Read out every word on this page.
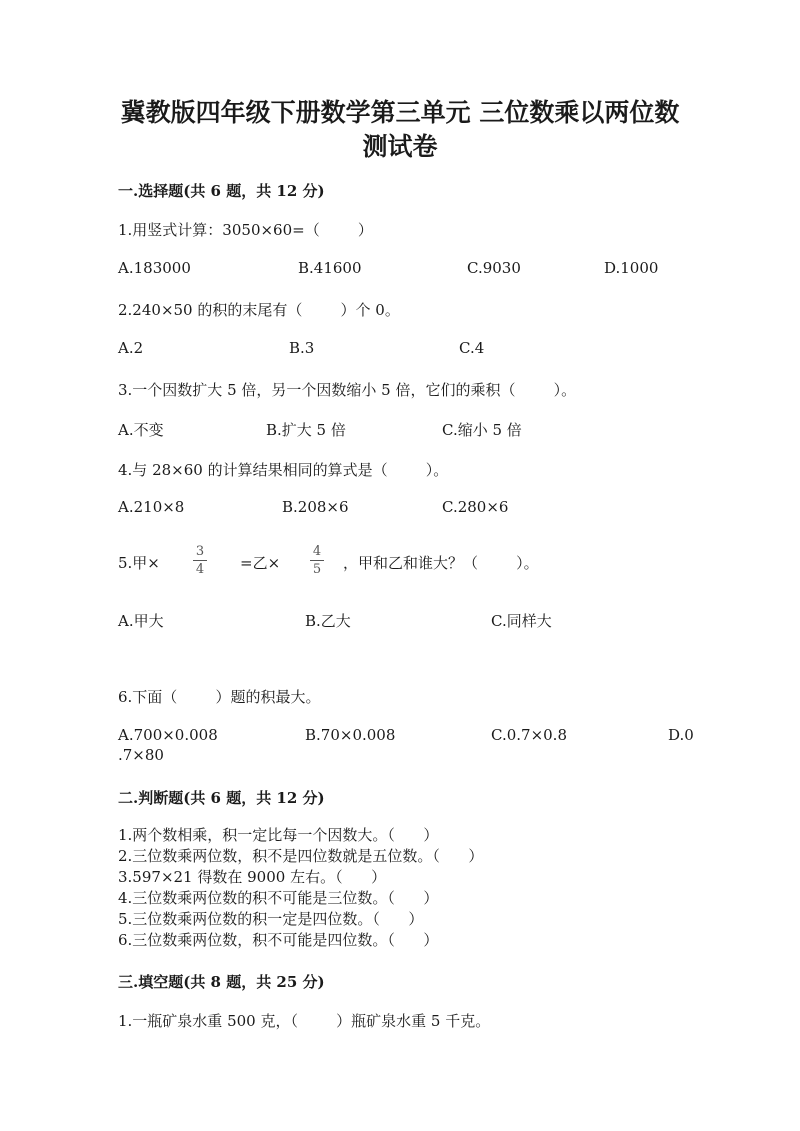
冀教版四年级下册数学第三单元 三位数乘以两位数
测试卷
一.选择题(共 6 题，共 12 分)
1.用竖式计算：3050×60=（        ）
A.183000	B.41600	C.9030	D.1000
2.240×50 的积的末尾有（        ）个 0。
A.2	B.3	C.4
3.一个因数扩大 5 倍，另一个因数缩小 5 倍，它们的乘积（        ）。
A.不变	B.扩大 5 倍	C.缩小 5 倍
4.与 28×60 的计算结果相同的算式是（        ）。
A.210×8	B.208×6	C.280×6
5.甲×
3
4 =乙×
4
5 ，甲和乙和谁大？（        ）。
A.甲大	B.乙大	C.同样大
6.下面（        ）题的积最大。
A.700×0.008	B.70×0.008	C.0.7×0.8	D.0
.7×80
二.判断题(共 6 题，共 12 分)
1.两个数相乘，积一定比每一个因数大。（      ）
2.三位数乘两位数，积不是四位数就是五位数。（      ）
3.597×21 得数在 9000 左右。（      ）
4.三位数乘两位数的积不可能是三位数。（      ）
5.三位数乘两位数的积一定是四位数。（      ）
6.三位数乘两位数，积不可能是四位数。（      ）
三.填空题(共 8 题，共 25 分)
1.一瓶矿泉水重 500 克，（        ）瓶矿泉水重 5 千克。
